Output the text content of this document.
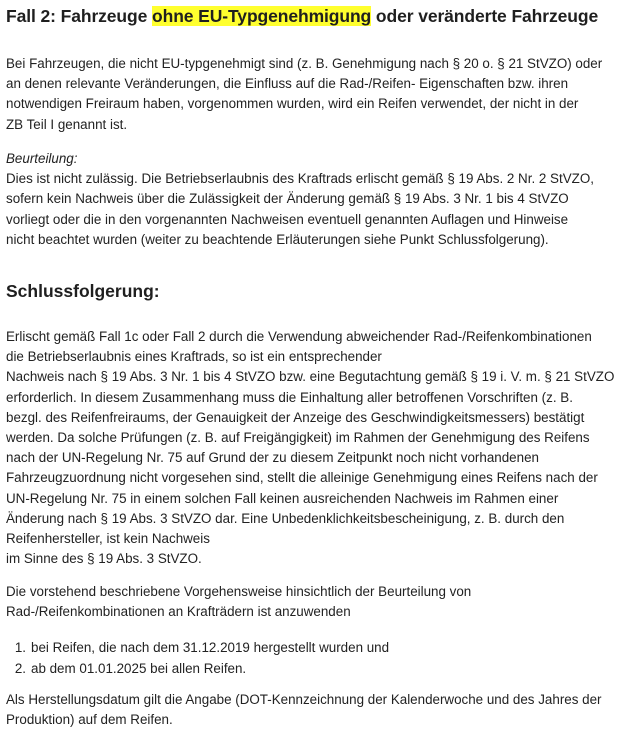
Fall 2: Fahrzeuge ohne EU-Typgenehmigung oder veränderte Fahrzeuge
Bei Fahrzeugen, die nicht EU-typgenehmigt sind (z. B. Genehmigung nach § 20 o. § 21 StVZO) oder
an denen relevante Veränderungen, die Einfluss auf die Rad-/Reifen- Eigenschaften bzw. ihren
notwendigen Freiraum haben, vorgenommen wurden, wird ein Reifen verwendet, der nicht in der
ZB Teil I genannt ist.
Beurteilung:
Dies ist nicht zulässig. Die Betriebserlaubnis des Kraftrads erlischt gemäß § 19 Abs. 2 Nr. 2 StVZO,
sofern kein Nachweis über die Zulässigkeit der Änderung gemäß § 19 Abs. 3 Nr. 1 bis 4 StVZO
vorliegt oder die in den vorgenannten Nachweisen eventuell genannten Auflagen und Hinweise
nicht beachtet wurden (weiter zu beachtende Erläuterungen siehe Punkt Schlussfolgerung).
Schlussfolgerung:
Erlischt gemäß Fall 1c oder Fall 2 durch die Verwendung abweichender Rad-/Reifenkombinationen
die Betriebserlaubnis eines Kraftrads, so ist ein entsprechender
Nachweis nach § 19 Abs. 3 Nr. 1 bis 4 StVZO bzw. eine Begutachtung gemäß § 19 i. V. m. § 21 StVZO
erforderlich. In diesem Zusammenhang muss die Einhaltung aller betroffenen Vorschriften (z. B.
bezgl. des Reifenfreiraums, der Genauigkeit der Anzeige des Geschwindigkeitsmessers) bestätigt
werden. Da solche Prüfungen (z. B. auf Freigängigkeit) im Rahmen der Genehmigung des Reifens
nach der UN-Regelung Nr. 75 auf Grund der zu diesem Zeitpunkt noch nicht vorhandenen
Fahrzeugzuordnung nicht vorgesehen sind, stellt die alleinige Genehmigung eines Reifens nach der
UN-Regelung Nr. 75 in einem solchen Fall keinen ausreichenden Nachweis im Rahmen einer
Änderung nach § 19 Abs. 3 StVZO dar. Eine Unbedenklichkeitsbescheinigung, z. B. durch den
Reifenhersteller, ist kein Nachweis
im Sinne des § 19 Abs. 3 StVZO.
Die vorstehend beschriebene Vorgehensweise hinsichtlich der Beurteilung von
Rad-/Reifenkombinationen an Krafträdern ist anzuwenden
1. bei Reifen, die nach dem 31.12.2019 hergestellt wurden und
2. ab dem 01.01.2025 bei allen Reifen.
Als Herstellungsdatum gilt die Angabe (DOT-Kennzeichnung der Kalenderwoche und des Jahres der
Produktion) auf dem Reifen.
